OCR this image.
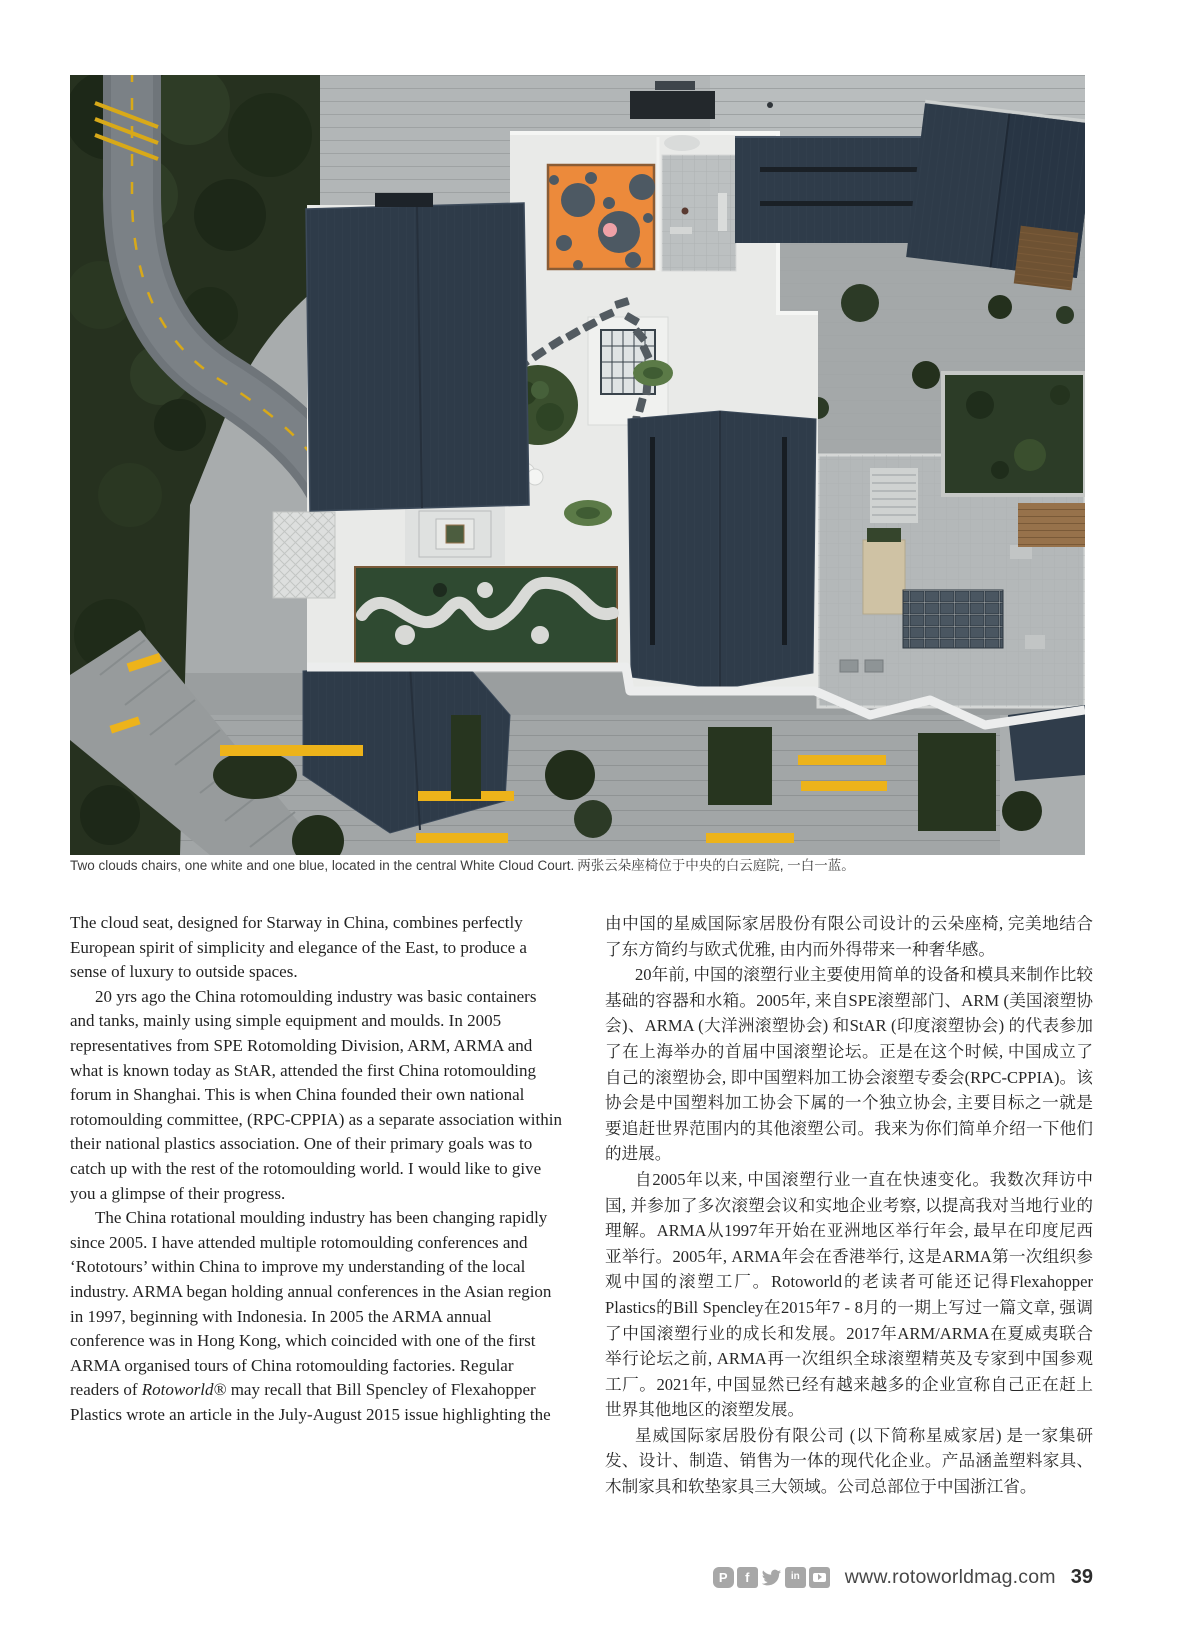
Two clouds chairs, one white and one blue, located in the central White Cloud Court. 两张云朵座椅位于中央的白云庭院, 一白一蓝。

The cloud seat, designed for Starway in China, combines perfectly European spirit of simplicity and elegance of the East, to produce a sense of luxury to outside spaces.

20 yrs ago the China rotomoulding industry was basic containers and tanks, mainly using simple equipment and moulds. In 2005 representatives from SPE Rotomolding Division, ARM, ARMA and what is known today as StAR, attended the first China rotomoulding forum in Shanghai. This is when China founded their own national rotomoulding committee, (RPC-CPPIA) as a separate association within their national plastics association. One of their primary goals was to catch up with the rest of the rotomoulding world. I would like to give you a glimpse of their progress.

The China rotational moulding industry has been changing rapidly since 2005. I have attended multiple rotomoulding conferences and ‘Rototours’ within China to improve my understanding of the local industry. ARMA began holding annual conferences in the Asian region in 1997, beginning with Indonesia. In 2005 the ARMA annual conference was in Hong Kong, which coincided with one of the first ARMA organised tours of China rotomoulding factories. Regular readers of Rotoworld® may recall that Bill Spencley of Flexahopper Plastics wrote an article in the July-August 2015 issue highlighting the

由中国的星威国际家居股份有限公司设计的云朵座椅, 完美地结合了东方简约与欧式优雅, 由内而外得带来一种奢华感。

20年前, 中国的滚塑行业主要使用简单的设备和模具来制作比较基础的容器和水箱。2005年, 来自SPE滚塑部门、ARM (美国滚塑协会)、ARMA (大洋洲滚塑协会) 和StAR (印度滚塑协会) 的代表参加了在上海举办的首届中国滚塑论坛。正是在这个时候, 中国成立了自己的滚塑协会, 即中国塑料加工协会滚塑专委会(RPC-CPPIA)。该协会是中国塑料加工协会下属的一个独立协会, 主要目标之一就是要追赶世界范围内的其他滚塑公司。我来为你们简单介绍一下他们的进展。

自2005年以来, 中国滚塑行业一直在快速变化。我数次拜访中国, 并参加了多次滚塑会议和实地企业考察, 以提高我对当地行业的理解。ARMA从1997年开始在亚洲地区举行年会, 最早在印度尼西亚举行。2005年, ARMA年会在香港举行, 这是ARMA第一次组织参观中国的滚塑工厂。Rotoworld的老读者可能还记得Flexahopper Plastics的Bill Spencley在2015年7 - 8月的一期上写过一篇文章, 强调了中国滚塑行业的成长和发展。2017年ARM/ARMA在夏威夷联合举行论坛之前, ARMA再一次组织全球滚塑精英及专家到中国参观工厂。2021年, 中国显然已经有越来越多的企业宣称自己正在赶上世界其他地区的滚塑发展。

星威国际家居股份有限公司 (以下简称星威家居) 是一家集研发、设计、制造、销售为一体的现代化企业。产品涵盖塑料家具、木制家具和软垫家具三大领域。公司总部位于中国浙江省。

P	f	in	www.rotoworldmag.com 39
